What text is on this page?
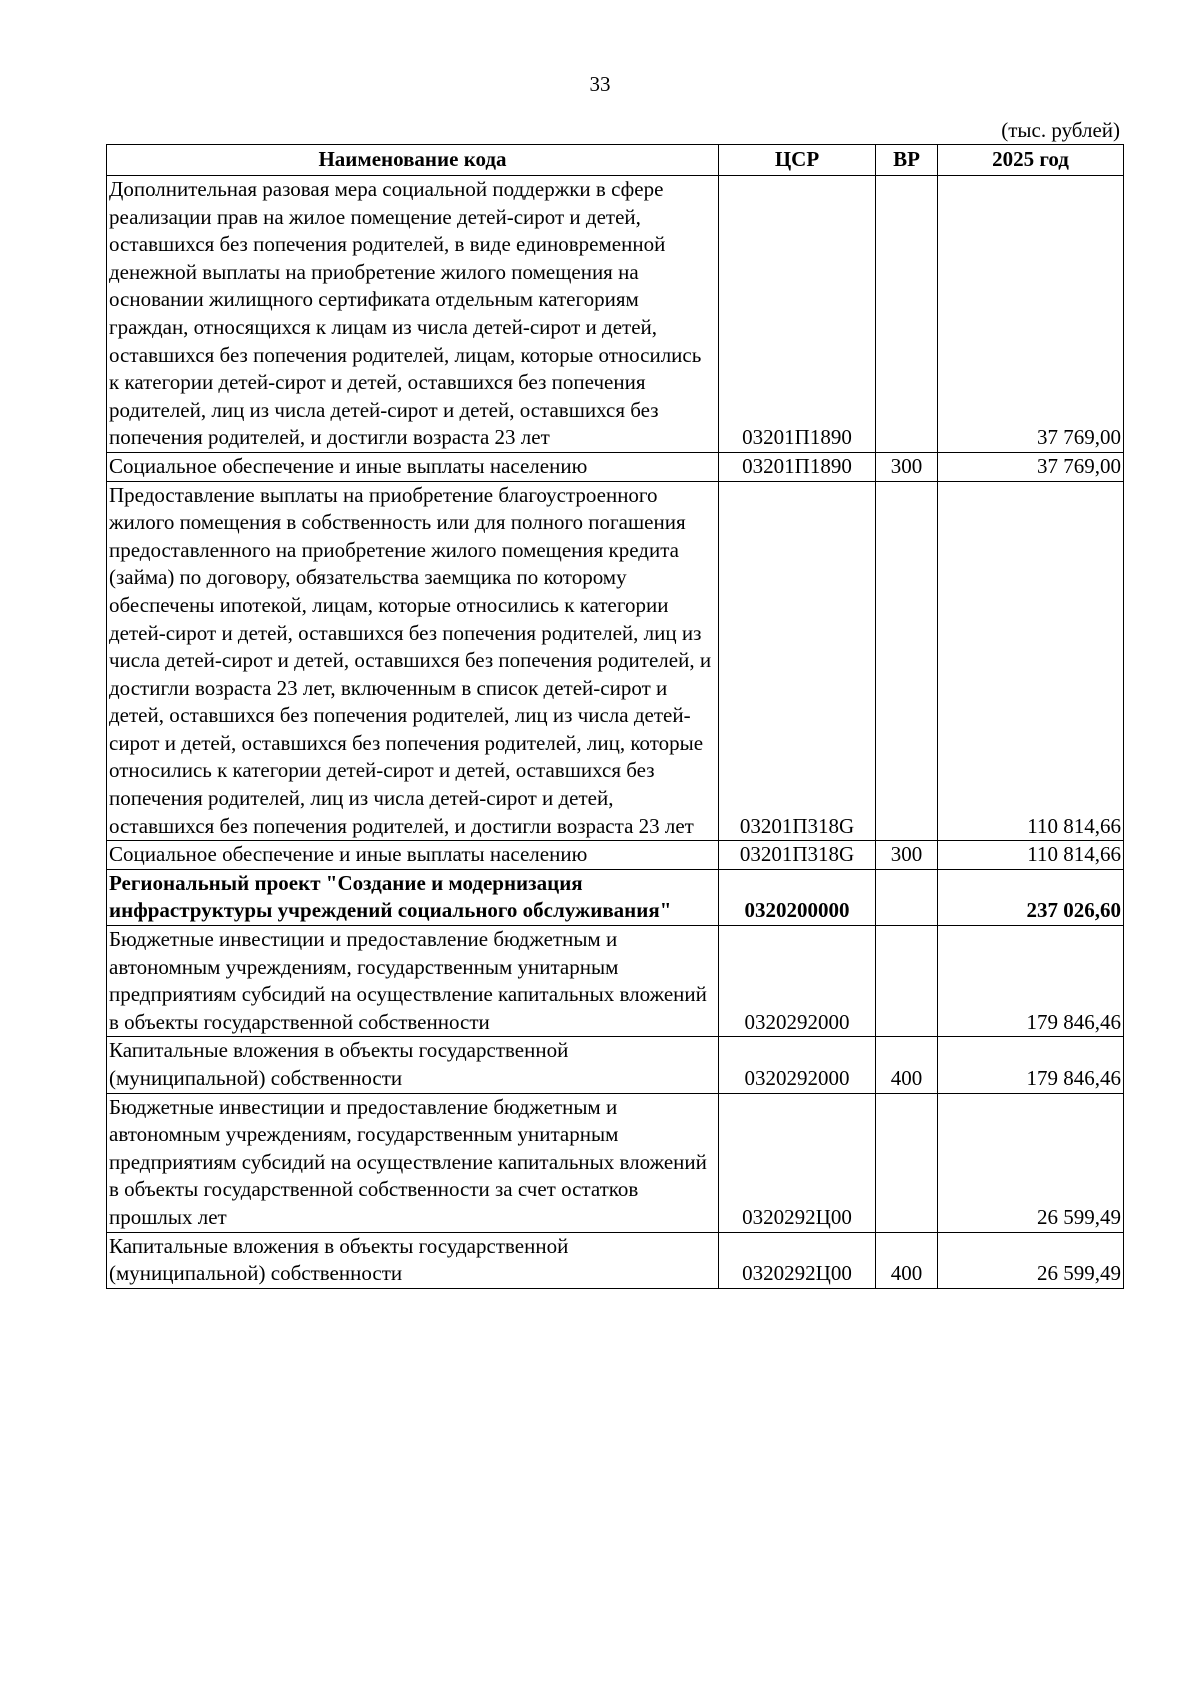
33
(тыс. рублей)
Наименование кода	ЦСР	ВР	2025 год
Дополнительная разовая мера социальной поддержки в сфере реализации прав на жилое помещение детей-сирот и детей, оставшихся без попечения родителей, в виде единовременной денежной выплаты на приобретение жилого помещения на основании жилищного сертификата отдельным категориям граждан, относящихся к лицам из числа детей-сирот и детей, оставшихся без попечения родителей, лицам, которые относились к категории детей-сирот и детей, оставшихся без попечения родителей, лиц из числа детей-сирот и детей, оставшихся без попечения родителей, и достигли возраста 23 лет	03201П1890		37 769,00
Социальное обеспечение и иные выплаты населению	03201П1890	300	37 769,00
Предоставление выплаты на приобретение благоустроенного жилого помещения в собственность или для полного погашения предоставленного на приобретение жилого помещения кредита (займа) по договору, обязательства заемщика по которому обеспечены ипотекой, лицам, которые относились к категории детей-сирот и детей, оставшихся без попечения родителей, лиц из числа детей-сирот и детей, оставшихся без попечения родителей, и достигли возраста 23 лет, включенным в список детей-сирот и детей, оставшихся без попечения родителей, лиц из числа детей-сирот и детей, оставшихся без попечения родителей, лиц, которые относились к категории детей-сирот и детей, оставшихся без попечения родителей, лиц из числа детей-сирот и детей, оставшихся без попечения родителей, и достигли возраста 23 лет	03201П318G		110 814,66
Социальное обеспечение и иные выплаты населению	03201П318G	300	110 814,66
Региональный проект "Создание и модернизация инфраструктуры учреждений социального обслуживания"	0320200000		237 026,60
Бюджетные инвестиции и предоставление бюджетным и автономным учреждениям, государственным унитарным предприятиям субсидий на осуществление капитальных вложений в объекты государственной собственности	0320292000		179 846,46
Капитальные вложения в объекты государственной (муниципальной) собственности	0320292000	400	179 846,46
Бюджетные инвестиции и предоставление бюджетным и автономным учреждениям, государственным унитарным предприятиям субсидий на осуществление капитальных вложений в объекты государственной собственности за счет остатков прошлых лет	0320292Ц00		26 599,49
Капитальные вложения в объекты государственной (муниципальной) собственности	0320292Ц00	400	26 599,49
